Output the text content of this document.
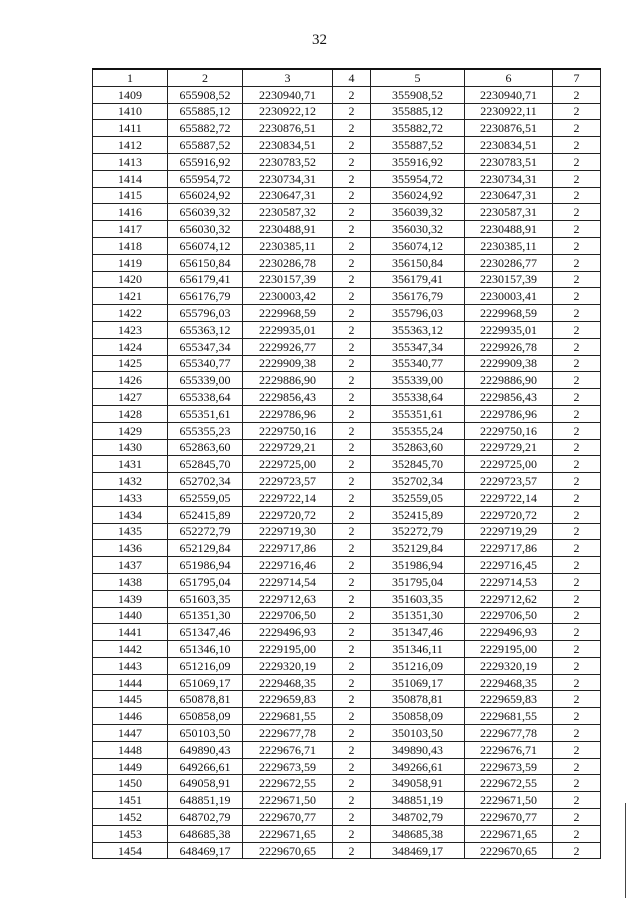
32
1	2	3	4	5	6	7
1409	655908,52	2230940,71	2	355908,52	2230940,71	2
1410	655885,12	2230922,12	2	355885,12	2230922,11	2
1411	655882,72	2230876,51	2	355882,72	2230876,51	2
1412	655887,52	2230834,51	2	355887,52	2230834,51	2
1413	655916,92	2230783,52	2	355916,92	2230783,51	2
1414	655954,72	2230734,31	2	355954,72	2230734,31	2
1415	656024,92	2230647,31	2	356024,92	2230647,31	2
1416	656039,32	2230587,32	2	356039,32	2230587,31	2
1417	656030,32	2230488,91	2	356030,32	2230488,91	2
1418	656074,12	2230385,11	2	356074,12	2230385,11	2
1419	656150,84	2230286,78	2	356150,84	2230286,77	2
1420	656179,41	2230157,39	2	356179,41	2230157,39	2
1421	656176,79	2230003,42	2	356176,79	2230003,41	2
1422	655796,03	2229968,59	2	355796,03	2229968,59	2
1423	655363,12	2229935,01	2	355363,12	2229935,01	2
1424	655347,34	2229926,77	2	355347,34	2229926,78	2
1425	655340,77	2229909,38	2	355340,77	2229909,38	2
1426	655339,00	2229886,90	2	355339,00	2229886,90	2
1427	655338,64	2229856,43	2	355338,64	2229856,43	2
1428	655351,61	2229786,96	2	355351,61	2229786,96	2
1429	655355,23	2229750,16	2	355355,24	2229750,16	2
1430	652863,60	2229729,21	2	352863,60	2229729,21	2
1431	652845,70	2229725,00	2	352845,70	2229725,00	2
1432	652702,34	2229723,57	2	352702,34	2229723,57	2
1433	652559,05	2229722,14	2	352559,05	2229722,14	2
1434	652415,89	2229720,72	2	352415,89	2229720,72	2
1435	652272,79	2229719,30	2	352272,79	2229719,29	2
1436	652129,84	2229717,86	2	352129,84	2229717,86	2
1437	651986,94	2229716,46	2	351986,94	2229716,45	2
1438	651795,04	2229714,54	2	351795,04	2229714,53	2
1439	651603,35	2229712,63	2	351603,35	2229712,62	2
1440	651351,30	2229706,50	2	351351,30	2229706,50	2
1441	651347,46	2229496,93	2	351347,46	2229496,93	2
1442	651346,10	2229195,00	2	351346,11	2229195,00	2
1443	651216,09	2229320,19	2	351216,09	2229320,19	2
1444	651069,17	2229468,35	2	351069,17	2229468,35	2
1445	650878,81	2229659,83	2	350878,81	2229659,83	2
1446	650858,09	2229681,55	2	350858,09	2229681,55	2
1447	650103,50	2229677,78	2	350103,50	2229677,78	2
1448	649890,43	2229676,71	2	349890,43	2229676,71	2
1449	649266,61	2229673,59	2	349266,61	2229673,59	2
1450	649058,91	2229672,55	2	349058,91	2229672,55	2
1451	648851,19	2229671,50	2	348851,19	2229671,50	2
1452	648702,79	2229670,77	2	348702,79	2229670,77	2
1453	648685,38	2229671,65	2	348685,38	2229671,65	2
1454	648469,17	2229670,65	2	348469,17	2229670,65	2
